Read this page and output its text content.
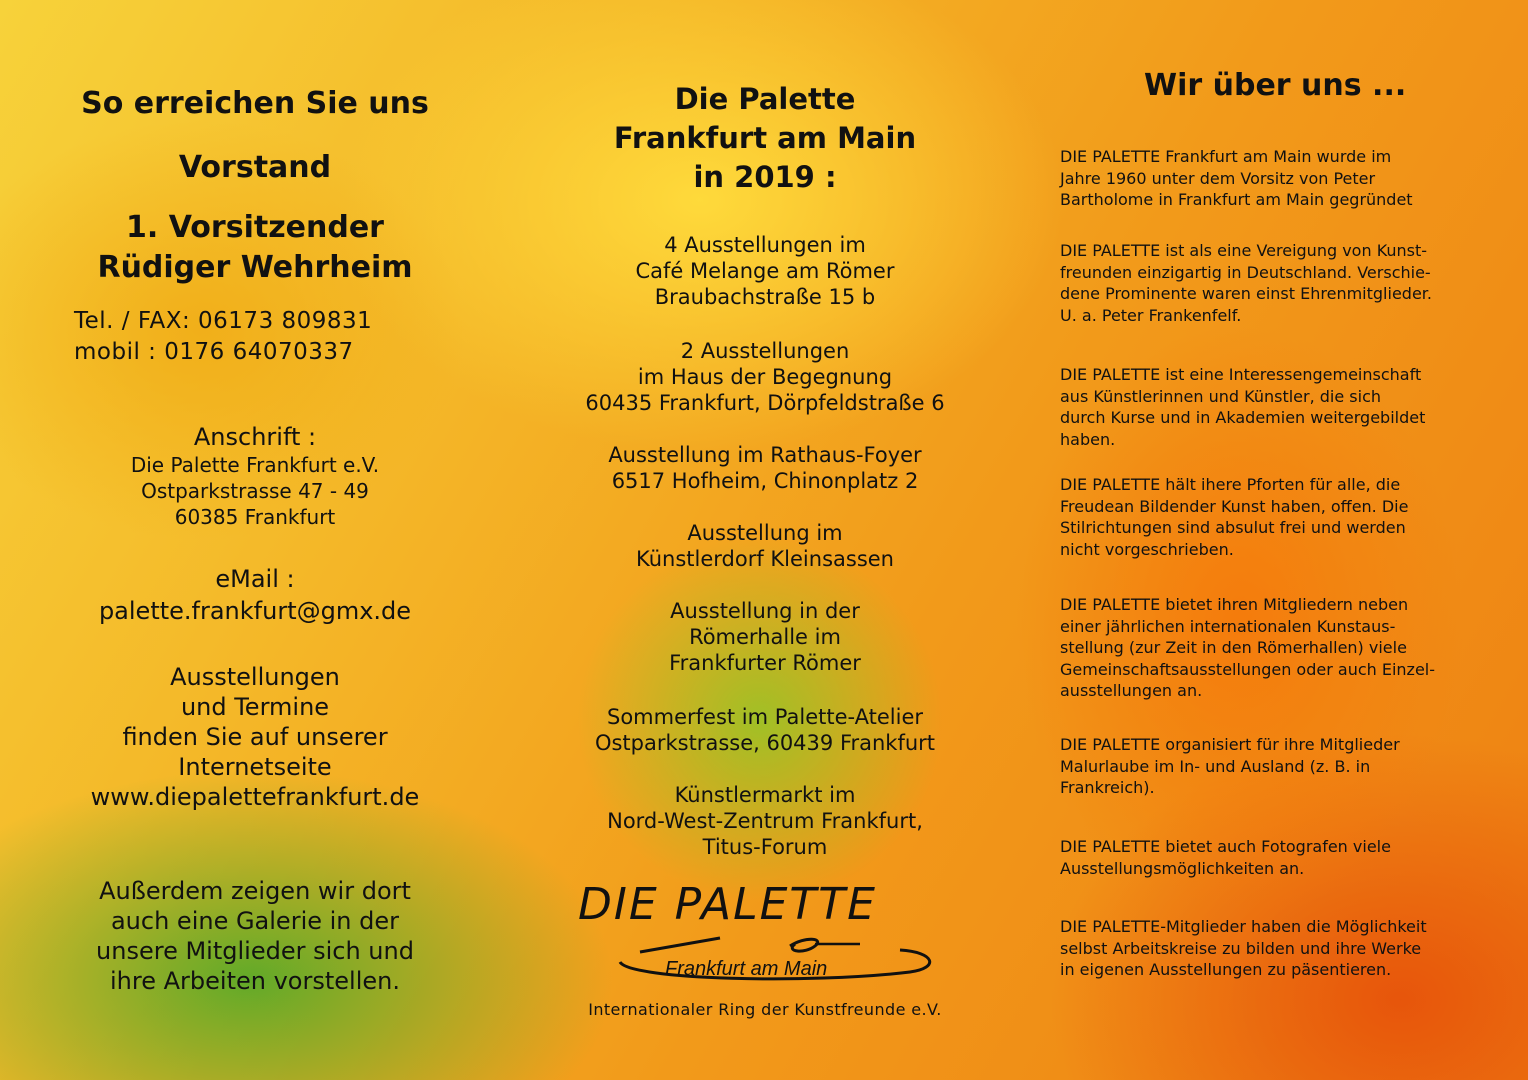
So erreichen Sie uns
Vorstand
1. Vorsitzender
Rüdiger Wehrheim

Tel. / FAX: 06173 809831
mobil : 0176 64070337

Anschrift :

Die Palette Frankfurt e.V.
Ostparkstrasse 47 - 49
60385 Frankfurt

eMail :

palette.frankfurt@gmx.de

Ausstellungen
und Termine
finden Sie auf unserer
Internetseite
www.diepalettefrankfurt.de

Außerdem zeigen wir dort
auch eine Galerie in der
unsere Mitglieder sich und
ihre Arbeiten vorstellen.

Die Palette
Frankfurt am Main
in 2019 :

4 Ausstellungen im
Café Melange am Römer
Braubachstraße 15 b

2 Ausstellungen
im Haus der Begegnung
60435 Frankfurt, Dörpfeldstraße 6

Ausstellung im Rathaus-Foyer
6517 Hofheim, Chinonplatz 2

Ausstellung im
Künstlerdorf Kleinsassen

Ausstellung in der
Römerhalle im
Frankfurter Römer

Sommerfest im Palette-Atelier
Ostparkstrasse, 60439 Frankfurt

Künstlermarkt im
Nord-West-Zentrum Frankfurt,
Titus-Forum

DIE PALETTE
Frankfurt am Main
Internationaler Ring der Kunstfreunde e.V.
Wir über uns ...

DIE PALETTE Frankfurt am Main wurde im
Jahre 1960 unter dem Vorsitz von Peter
Bartholome in Frankfurt am Main gegründet

DIE PALETTE ist als eine Vereigung von Kunst-
freunden einzigartig in Deutschland. Verschie-
dene Prominente waren einst Ehrenmitglieder.
U. a. Peter Frankenfelf.

DIE PALETTE ist eine Interessengemeinschaft
aus Künstlerinnen und Künstler, die sich
durch Kurse und in Akademien weitergebildet
haben.

DIE PALETTE hält ihere Pforten für alle, die
Freudean Bildender Kunst haben, offen. Die
Stilrichtungen sind absulut frei und werden
nicht vorgeschrieben.

DIE PALETTE bietet ihren Mitgliedern neben
einer jährlichen internationalen Kunstaus-
stellung (zur Zeit in den Römerhallen) viele
Gemeinschaftsausstellungen oder auch Einzel-
ausstellungen an.

DIE PALETTE organisiert für ihre Mitglieder
Malurlaube im In- und Ausland (z. B. in
Frankreich).

DIE PALETTE bietet auch Fotografen viele
Ausstellungsmöglichkeiten an.

DIE PALETTE-Mitglieder haben die Möglichkeit
selbst Arbeitskreise zu bilden und ihre Werke
in eigenen Ausstellungen zu päsentieren.
